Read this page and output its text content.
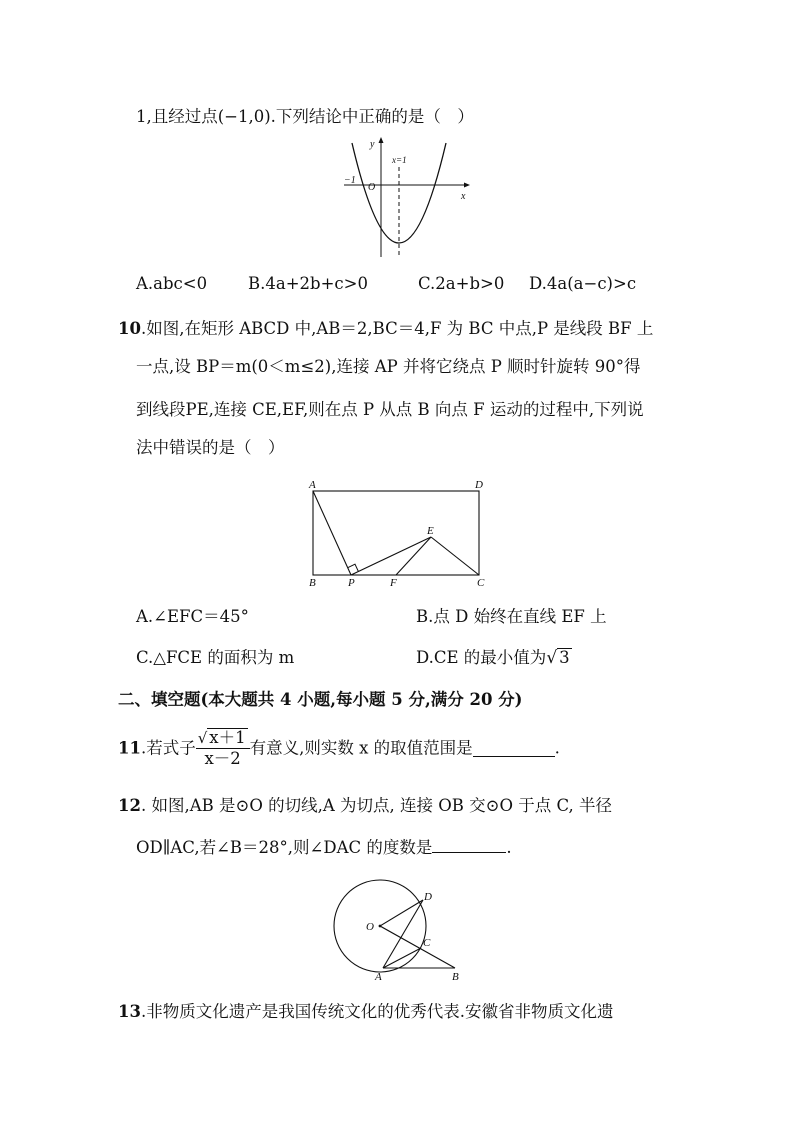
1,且经过点(−1,0).下列结论中正确的是（　）
y
x
x=1
−1
O
A.abc<0 B.4a+2b+c>0	C.2a+b>0 D.4a(a−c)>c
10.如图,在矩形 ABCD 中,AB＝2,BC＝4,F 为 BC 中点,P 是线段 BF 上
一点,设 BP＝m(0＜m≤2),连接 AP 并将它绕点 P 顺时针旋转 90°得
到线段PE,连接 CE,EF,则在点 P 从点 B 向点 F 运动的过程中,下列说
法中错误的是（　）
A	D
B	P	F	C
E
A.∠EFC＝45°	B.点 D 始终在直线 EF 上
C.△FCE 的面积为 m	D.CE 的最小值为√ 3
二、填空题(本大题共 4 小题,每小题 5 分,满分 20 分)
11.若式子 $\frac{√ x+1}{x-2}$ 有意义,则实数 x 的取值范围是	.
12. 如图,AB 是⊙O 的切线,A 为切点, 连接 OB 交⊙O 于点 C, 半径
OD∥AC,若∠B＝28°,则∠DAC 的度数是	.
O
D
C
A	B
13.非物质文化遗产是我国传统文化的优秀代表.安徽省非物质文化遗
